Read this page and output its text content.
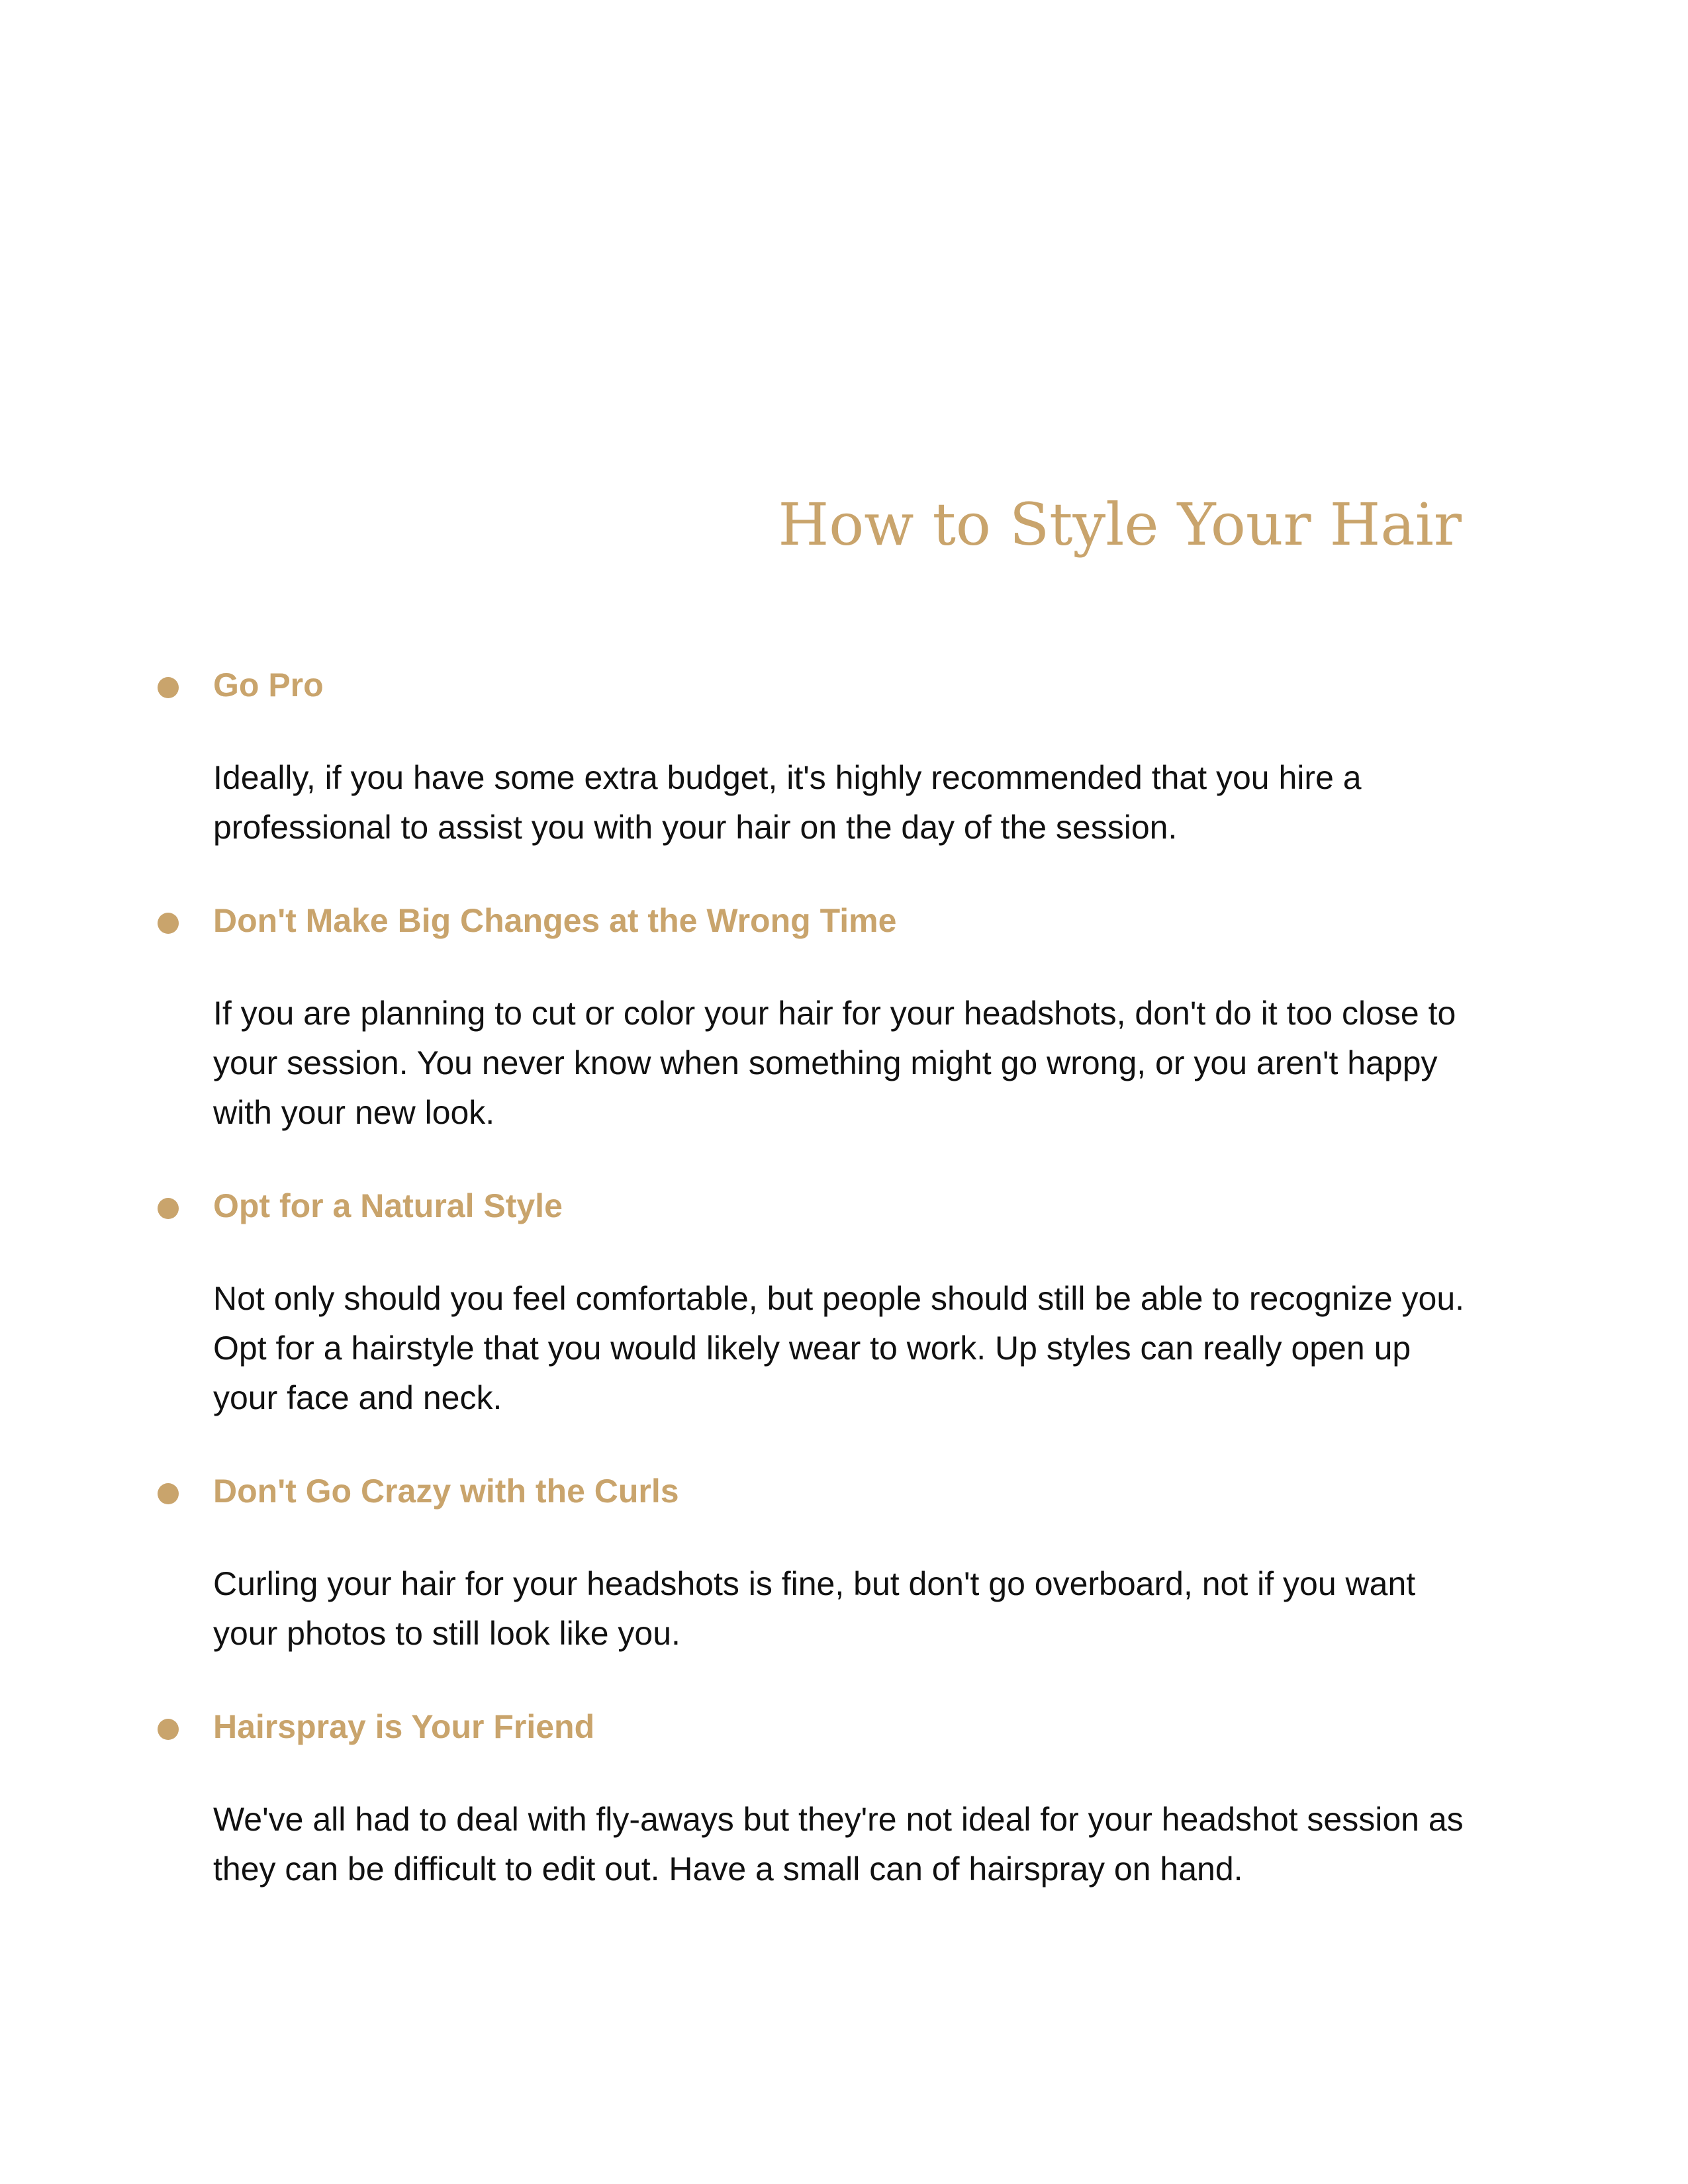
How to Style Your Hair
Go Pro

Ideally, if you have some extra budget, it's highly recommended that you hire a professional to assist you with your hair on the day of the session.

Don't Make Big Changes at the Wrong Time

If you are planning to cut or color your hair for your headshots, don't do it too close to your session. You never know when something might go wrong, or you aren't happy with your new look.

Opt for a Natural Style

Not only should you feel comfortable, but people should still be able to recognize you. Opt for a hairstyle that you would likely wear to work. Up styles can really open up your face and neck.

Don't Go Crazy with the Curls

Curling your hair for your headshots is fine, but don't go overboard, not if you want your photos to still look like you.

Hairspray is Your Friend

We've all had to deal with fly-aways but they're not ideal for your headshot session as they can be difficult to edit out. Have a small can of hairspray on hand.
